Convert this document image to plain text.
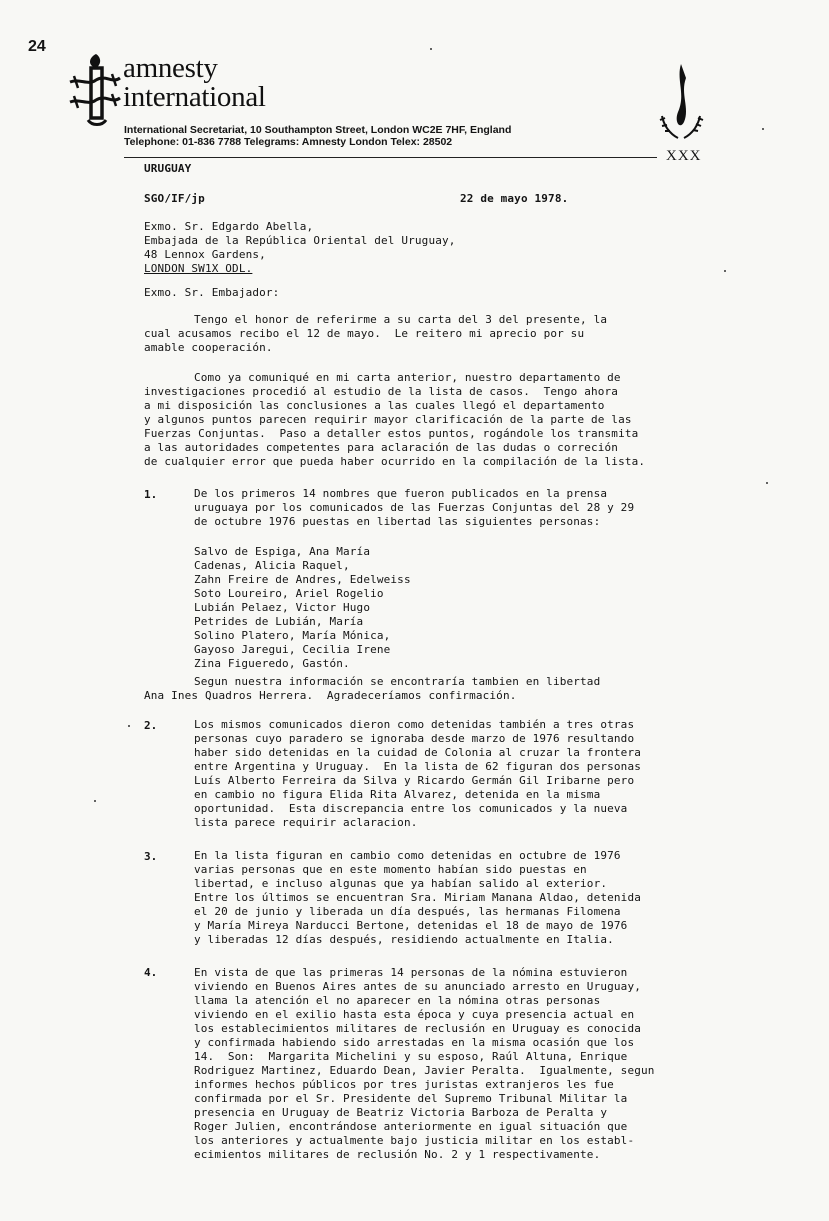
24
amnesty
international
International Secretariat, 10 Southampton Street, London WC2E 7HF, England
Telephone: 01-836 7788 Telegrams: Amnesty London Telex: 28502
XXX
URUGUAY
SGO/IF/jp	22 de mayo 1978.
Exmo. Sr. Edgardo Abella,
Embajada de la República Oriental del Uruguay,
48 Lennox Gardens,
LONDON SW1X ODL.
Exmo. Sr. Embajador:
Tengo el honor de referirme a su carta del 3 del presente, la
cual acusamos recibo el 12 de mayo.  Le reitero mi aprecio por su
amable cooperación.
Como ya comuniqué en mi carta anterior, nuestro departamento de
investigaciones procedió al estudio de la lista de casos.  Tengo ahora
a mi disposición las conclusiones a las cuales llegó el departamento
y algunos puntos parecen requirir mayor clarificación de la parte de las
Fuerzas Conjuntas.  Paso a detaller estos puntos, rogándole los transmita
a las autoridades competentes para aclaración de las dudas o correción
de cualquier error que pueda haber ocurrido en la compilación de la lista.
1.	De los primeros 14 nombres que fueron publicados en la prensa
uruguaya por los comunicados de las Fuerzas Conjuntas del 28 y 29
de octubre 1976 puestas en libertad las siguientes personas:
Salvo de Espiga, Ana María
Cadenas, Alicia Raquel,
Zahn Freire de Andres, Edelweiss
Soto Loureiro, Ariel Rogelio
Lubián Pelaez, Victor Hugo
Petrides de Lubián, María
Solino Platero, María Mónica,
Gayoso Jaregui, Cecilia Irene
Zina Figueredo, Gastón.
Segun nuestra información se encontraría tambien en libertad
Ana Ines Quadros Herrera.  Agradeceríamos confirmación.
2.	Los mismos comunicados dieron como detenidas también a tres otras
personas cuyo paradero se ignoraba desde marzo de 1976 resultando
haber sido detenidas en la cuidad de Colonia al cruzar la frontera
entre Argentina y Uruguay.  En la lista de 62 figuran dos personas
Luís Alberto Ferreira da Silva y Ricardo Germán Gil Iribarne pero
en cambio no figura Elida Rita Alvarez, detenida en la misma
oportunidad.  Esta discrepancia entre los comunicados y la nueva
lista parece requirir aclaracion.
3.	En la lista figuran en cambio como detenidas en octubre de 1976
varias personas que en este momento habían sido puestas en
libertad, e incluso algunas que ya habían salido al exterior.
Entre los últimos se encuentran Sra. Miriam Manana Aldao, detenida
el 20 de junio y liberada un día después, las hermanas Filomena
y María Mireya Narducci Bertone, detenidas el 18 de mayo de 1976
y liberadas 12 días después, residiendo actualmente en Italia.
4.	En vista de que las primeras 14 personas de la nómina estuvieron
viviendo en Buenos Aires antes de su anunciado arresto en Uruguay,
llama la atención el no aparecer en la nómina otras personas
viviendo en el exilio hasta esta época y cuya presencia actual en
los establecimientos militares de reclusión en Uruguay es conocida
y confirmada habiendo sido arrestadas en la misma ocasión que los
14.  Son:  Margarita Michelini y su esposo, Raúl Altuna, Enrique
Rodriguez Martinez, Eduardo Dean, Javier Peralta.  Igualmente, segun
informes hechos públicos por tres juristas extranjeros les fue
confirmada por el Sr. Presidente del Supremo Tribunal Militar la
presencia en Uruguay de Beatriz Victoria Barboza de Peralta y
Roger Julien, encontrándose anteriormente en igual situación que
los anteriores y actualmente bajo justicia militar en los establ-
ecimientos militares de reclusión No. 2 y 1 respectivamente.
